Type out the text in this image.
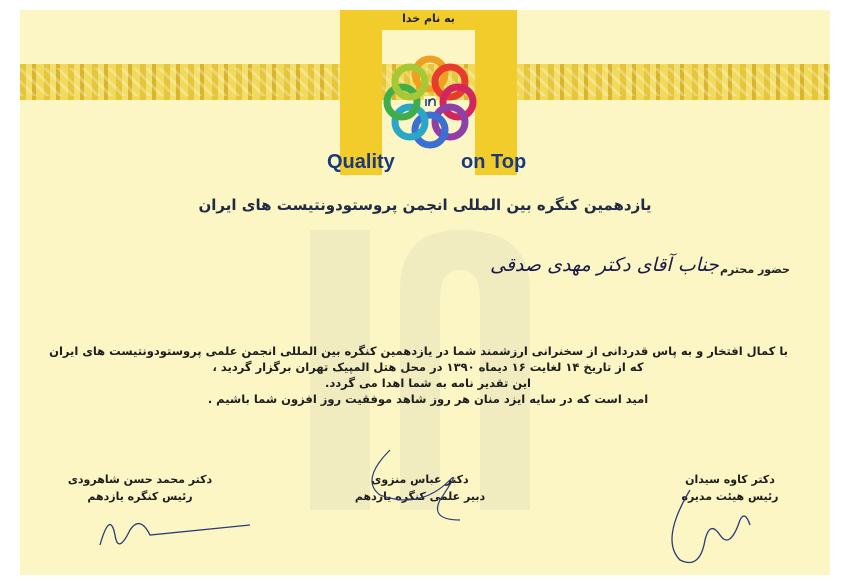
به نام خدا
Quality	on Top
یازدهمین کنگره بین المللی انجمن پروستودونتیست های ایران
حضور محترم
جناب آقای دکتر مهدی صدقی
با کمال افتخار و به پاس قدردانی از سخنرانی ارزشمند شما در یازدهمین کنگره بین المللی انجمن علمی پروستودونتیست های ایران
که از تاریخ ۱۴ لغایت ۱۶ دیماه ۱۳۹۰ در محل هتل المپیک تهران برگزار گردید ،
این تقدیر نامه به شما اهدا می گردد.
امید است که در سایه ایزد منان هر روز شاهد موفقیت روز افزون شما باشیم .
دکتر کاوه سیدان
رئیس هیئت مدیره
دکتر عباس منزوی
دبیر علمی کنگره یازدهم
دکتر محمد حسن شاهرودی
رئیس کنگره یازدهم
